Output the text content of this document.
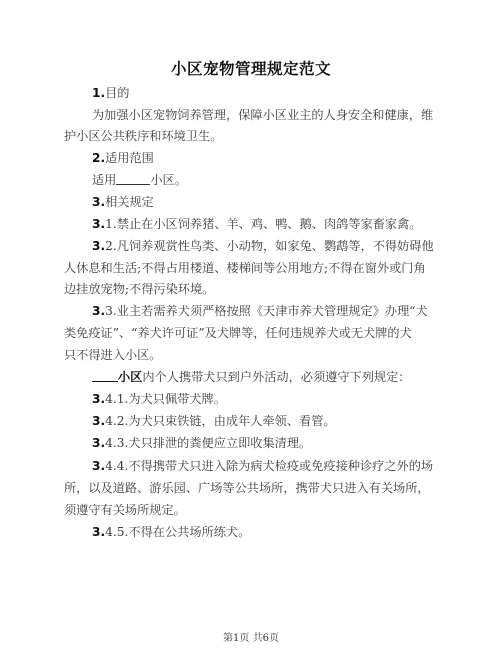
小区宠物管理规定范文
1.目的
为加强小区宠物饲养管理，保障小区业主的人身安全和健康，维
护小区公共秩序和环境卫生。
2.适用范围
适用	小区。
3.相关规定
3.1.禁止在小区饲养猪、羊、鸡、鸭、鹅、肉鸽等家畜家禽。
3.2.凡饲养观赏性鸟类、小动物，如家兔、鹦鹉等，不得妨碍他
人休息和生活;不得占用楼道、楼梯间等公用地方;不得在窗外或门角
边挂放宠物;不得污染环境。
3.3.业主若需养犬须严格按照《天津市养犬管理规定》办理“犬
类免疫证”、“养犬许可证”及犬牌等，任何违规养犬或无犬牌的犬
只不得进入小区。
小区内个人携带犬只到户外活动，必须遵守下列规定：
3.4.1.为犬只佩带犬牌。
3.4.2.为犬只束铁链，由成年人牵领、看管。
3.4.3.犬只排泄的粪便应立即收集清理。
3.4.4.不得携带犬只进入除为病犬检疫或免疫接种诊疗之外的场
所，以及道路、游乐园、广场等公共场所，携带犬只进入有关场所，
须遵守有关场所规定。
3.4.5.不得在公共场所练犬。
第1页 共6页
